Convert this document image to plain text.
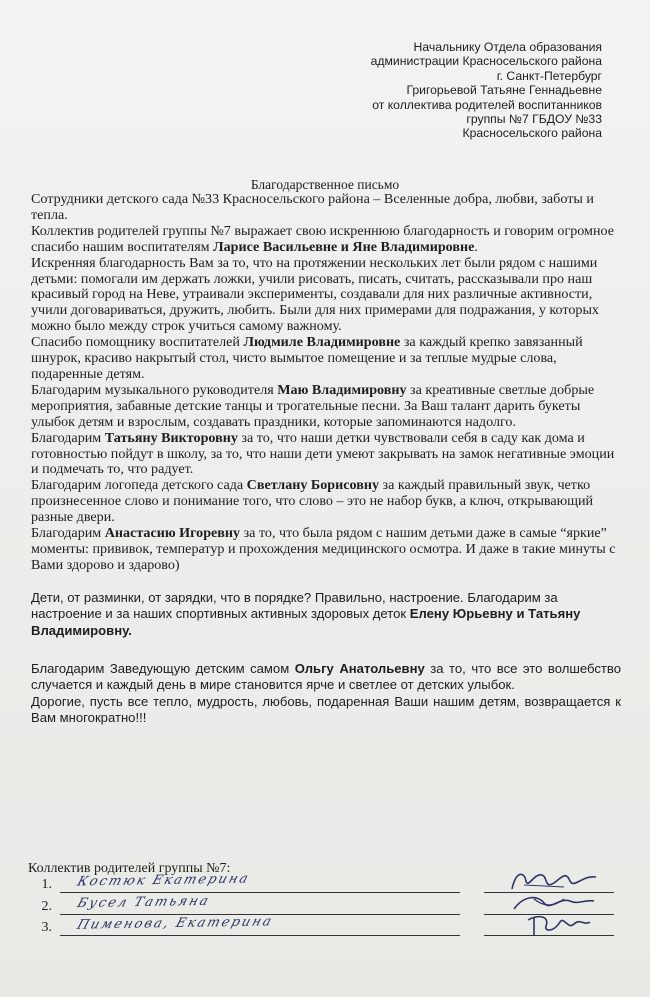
Начальнику Отдела образования
администрации Красносельского района
г. Санкт-Петербург
Григорьевой Татьяне Геннадьевне
от коллектива родителей воспитанников
группы №7 ГБДОУ №33
Красносельского района
Благодарственное письмо

Сотрудники детского сада №33 Красносельского района – Вселенные добра, любви, заботы и тепла.

Коллектив родителей группы №7 выражает свою искреннюю благодарность и говорим огромное спасибо нашим воспитателям Ларисе Васильевне и Яне Владимировне.

Искренняя благодарность Вам за то, что на протяжении нескольких лет были рядом с нашими детьми: помогали им держать ложки, учили рисовать, писать, считать, рассказывали про наш красивый город на Неве, утраивали эксперименты, создавали для них различные активности, учили договариваться, дружить, любить. Были для них примерами для подражания, у которых можно было между строк учиться самому важному.

Спасибо помощнику воспитателей Людмиле Владимировне за каждый крепко завязанный шнурок, красиво накрытый стол, чисто вымытое помещение и за теплые мудрые слова, подаренные детям.

Благодарим музыкального руководителя Маю Владимировну за креативные светлые добрые мероприятия, забавные детские танцы и трогательные песни. За Ваш талант дарить букеты улыбок детям и взрослым, создавать праздники, которые запоминаются надолго.

Благодарим Татьяну Викторовну за то, что наши детки чувствовали себя в саду как дома и готовностью пойдут в школу, за то, что наши дети умеют закрывать на замок негативные эмоции и подмечать то, что радует.

Благодарим логопеда детского сада Светлану Борисовну за каждый правильный звук, четко произнесенное слово и понимание того, что слово – это не набор букв, а ключ, открывающий разные двери.

Благодарим Анастасию Игоревну за то, что была рядом с нашим детьми даже в самые “яркие” моменты: прививок, температур и прохождения медицинского осмотра. И даже в такие минуты с Вами здорово и здарово)

Дети, от разминки, от зарядки, что в порядке? Правильно, настроение. Благодарим за настроение и за наших спортивных активных здоровых деток Елену Юрьевну и Татьяну Владимировну.

Благодарим Заведующую детским самом Ольгу Анатольевну за то, что все это волшебство случается и каждый день в мире становится ярче и светлее от детских улыбок.

Дорогие, пусть все тепло, мудрость, любовь, подаренная Ваши нашим детям, возвращается к Вам многократно!!!

Коллектив родителей группы №7:
1. Костюк Екатерина
2. Бусел Татьяна
3. Пименова, Екатерина
